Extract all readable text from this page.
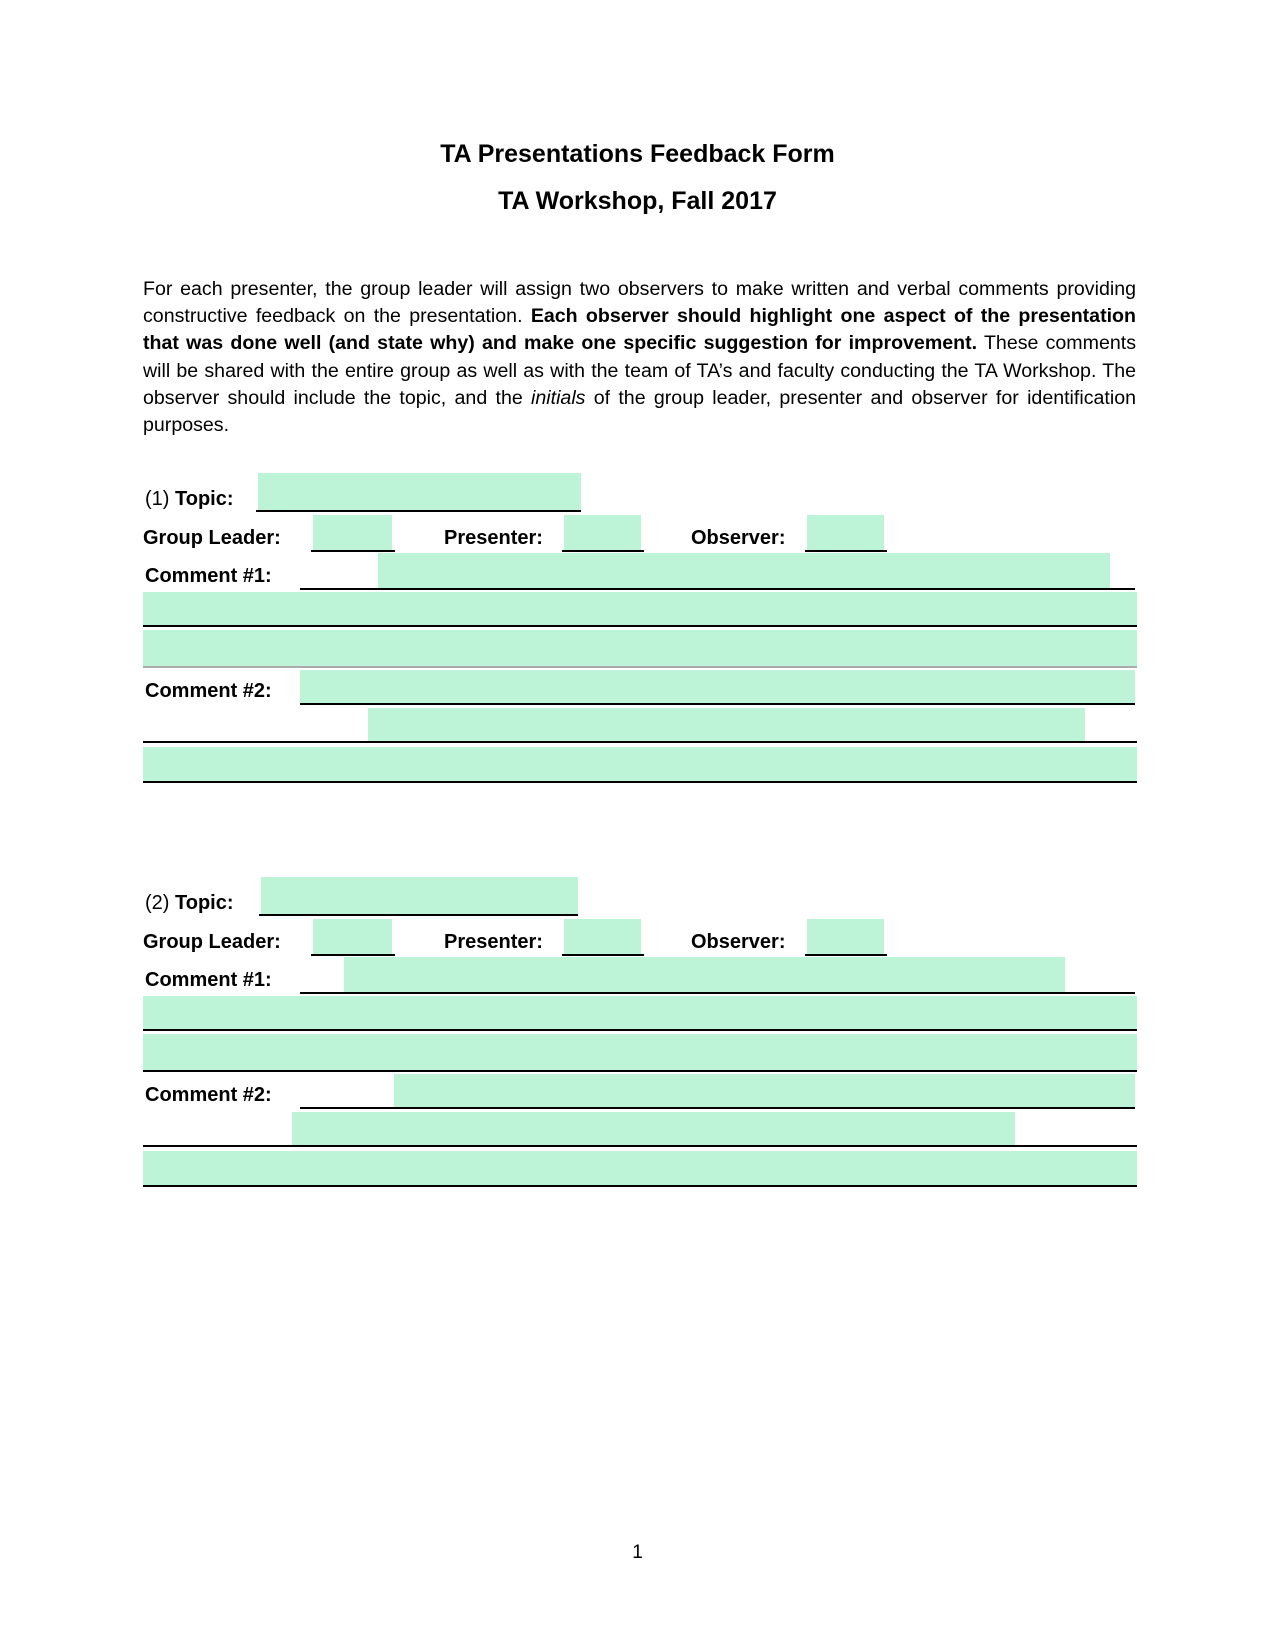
TA Presentations Feedback Form
TA Workshop, Fall 2017
For each presenter, the group leader will assign two observers to make written and verbal comments providing constructive feedback on the presentation. Each observer should highlight one aspect of the presentation that was done well (and state why) and make one specific suggestion for improvement. These comments will be shared with the entire group as well as with the team of TA’s and faculty conducting the TA Workshop. The observer should include the topic, and the initials of the group leader, presenter and observer for identification purposes.
(1) Topic:
Group Leader:	Presenter:	Observer:
Comment #1:
Comment #2:
(2) Topic:
Group Leader:	Presenter:	Observer:
Comment #1:
Comment #2:
1
